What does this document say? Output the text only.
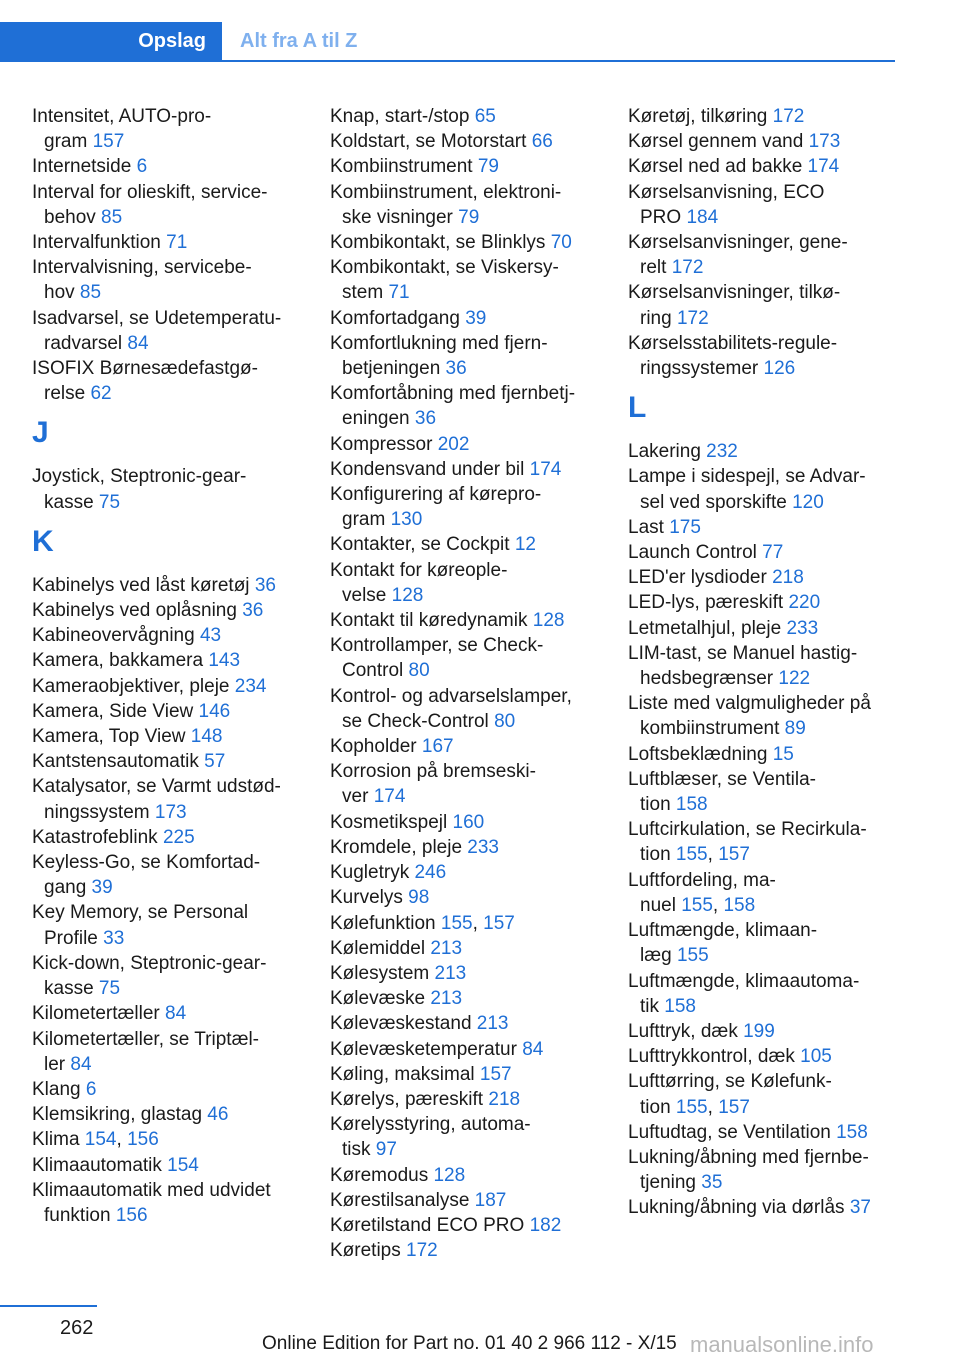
Opslag Alt fra A til Z
Intensitet, AUTO-pro-
gram 157
Internetside 6
Interval for olieskift, service-
behov 85
Intervalfunktion 71
Intervalvisning, servicebe-
hov 85
Isadvarsel, se Udetemperatu-
radvarsel 84
ISOFIX Børnesædefastgø-
relse 62
J
Joystick, Steptronic-gear-
kasse 75
K
Kabinelys ved låst køretøj 36
Kabinelys ved oplåsning 36
Kabineovervågning 43
Kamera, bakkamera 143
Kameraobjektiver, pleje 234
Kamera, Side View 146
Kamera, Top View 148
Kantstensautomatik 57
Katalysator, se Varmt udstød-
ningssystem 173
Katastrofeblink 225
Keyless-Go, se Komfortad-
gang 39
Key Memory, se Personal
Profile 33
Kick-down, Steptronic-gear-
kasse 75
Kilometertæller 84
Kilometertæller, se Triptæl-
ler 84
Klang 6
Klemsikring, glastag 46
Klima 154, 156
Klimaautomatik 154
Klimaautomatik med udvidet
funktion 156
Knap, start-/stop 65
Koldstart, se Motorstart 66
Kombiinstrument 79
Kombiinstrument, elektroni-
ske visninger 79
Kombikontakt, se Blinklys 70
Kombikontakt, se Viskersy-
stem 71
Komfortadgang 39
Komfortlukning med fjern-
betjeningen 36
Komfortåbning med fjernbetj-
eningen 36
Kompressor 202
Kondensvand under bil 174
Konfigurering af kørepro-
gram 130
Kontakter, se Cockpit 12
Kontakt for køreople-
velse 128
Kontakt til køredynamik 128
Kontrollamper, se Check-
Control 80
Kontrol- og advarselslamper,
se Check-Control 80
Kopholder 167
Korrosion på bremseski-
ver 174
Kosmetikspejl 160
Kromdele, pleje 233
Kugletryk 246
Kurvelys 98
Kølefunktion 155, 157
Kølemiddel 213
Kølesystem 213
Kølevæske 213
Kølevæskestand 213
Kølevæsketemperatur 84
Køling, maksimal 157
Kørelys, pæreskift 218
Kørelysstyring, automa-
tisk 97
Køremodus 128
Kørestilsanalyse 187
Køretilstand ECO PRO 182
Køretips 172
Køretøj, tilkøring 172
Kørsel gennem vand 173
Kørsel ned ad bakke 174
Kørselsanvisning, ECO
PRO 184
Kørselsanvisninger, gene-
relt 172
Kørselsanvisninger, tilkø-
ring 172
Kørselsstabilitets-regule-
ringssystemer 126
L
Lakering 232
Lampe i sidespejl, se Advar-
sel ved sporskifte 120
Last 175
Launch Control 77
LED'er lysdioder 218
LED-lys, pæreskift 220
Letmetalhjul, pleje 233
LIM-tast, se Manuel hastig-
hedsbegrænser 122
Liste med valgmuligheder på
kombiinstrument 89
Loftsbeklædning 15
Luftblæser, se Ventila-
tion 158
Luftcirkulation, se Recirkula-
tion 155, 157
Luftfordeling, ma-
nuel 155, 158
Luftmængde, klimaan-
læg 155
Luftmængde, klimaautoma-
tik 158
Lufttryk, dæk 199
Lufttrykkontrol, dæk 105
Lufttørring, se Kølefunk-
tion 155, 157
Luftudtag, se Ventilation 158
Lukning/åbning med fjernbe-
tjening 35
Lukning/åbning via dørlås 37
262
Online Edition for Part no. 01 40 2 966 112 - X/15 manualsonline.info
